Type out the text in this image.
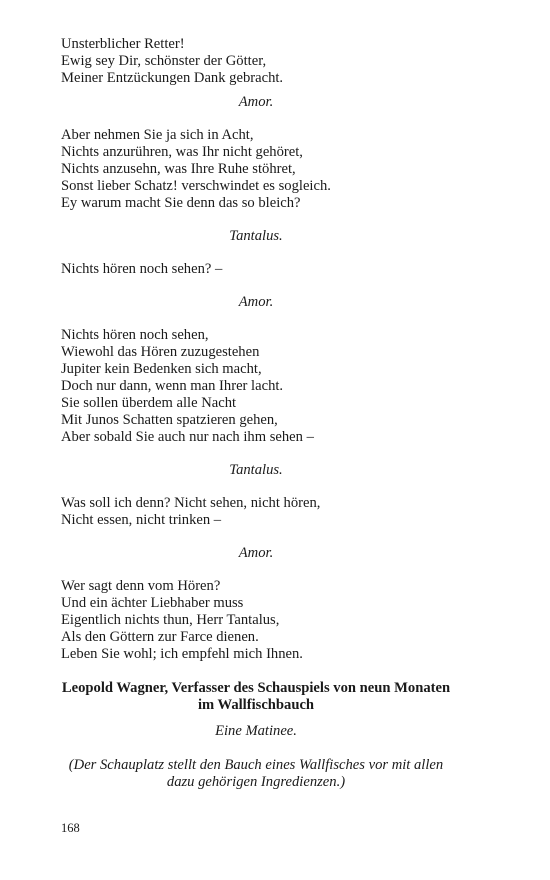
Unsterblicher Retter!
Ewig sey Dir, schönster der Götter,
Meiner Entzückungen Dank gebracht.
Amor.
Aber nehmen Sie ja sich in Acht,
Nichts anzurühren, was Ihr nicht gehöret,
Nichts anzusehn, was Ihre Ruhe stöhret,
Sonst lieber Schatz! verschwindet es sogleich.
Ey warum macht Sie denn das so bleich?
Tantalus.
Nichts hören noch sehen? –
Amor.
Nichts hören noch sehen,
Wiewohl das Hören zuzugestehen
Jupiter kein Bedenken sich macht,
Doch nur dann, wenn man Ihrer lacht.
Sie sollen überdem alle Nacht
Mit Junos Schatten spatzieren gehen,
Aber sobald Sie auch nur nach ihm sehen –
Tantalus.
Was soll ich denn? Nicht sehen, nicht hören,
Nicht essen, nicht trinken –
Amor.
Wer sagt denn vom Hören?
Und ein ächter Liebhaber muss
Eigentlich nichts thun, Herr Tantalus,
Als den Göttern zur Farce dienen.
Leben Sie wohl; ich empfehl mich Ihnen.
Leopold Wagner, Verfasser des Schauspiels von neun Monaten
im Wallfischbauch
Eine Matinee.
(Der Schauplatz stellt den Bauch eines Wallfisches vor mit allen
dazu gehörigen Ingredienzen.)
168
